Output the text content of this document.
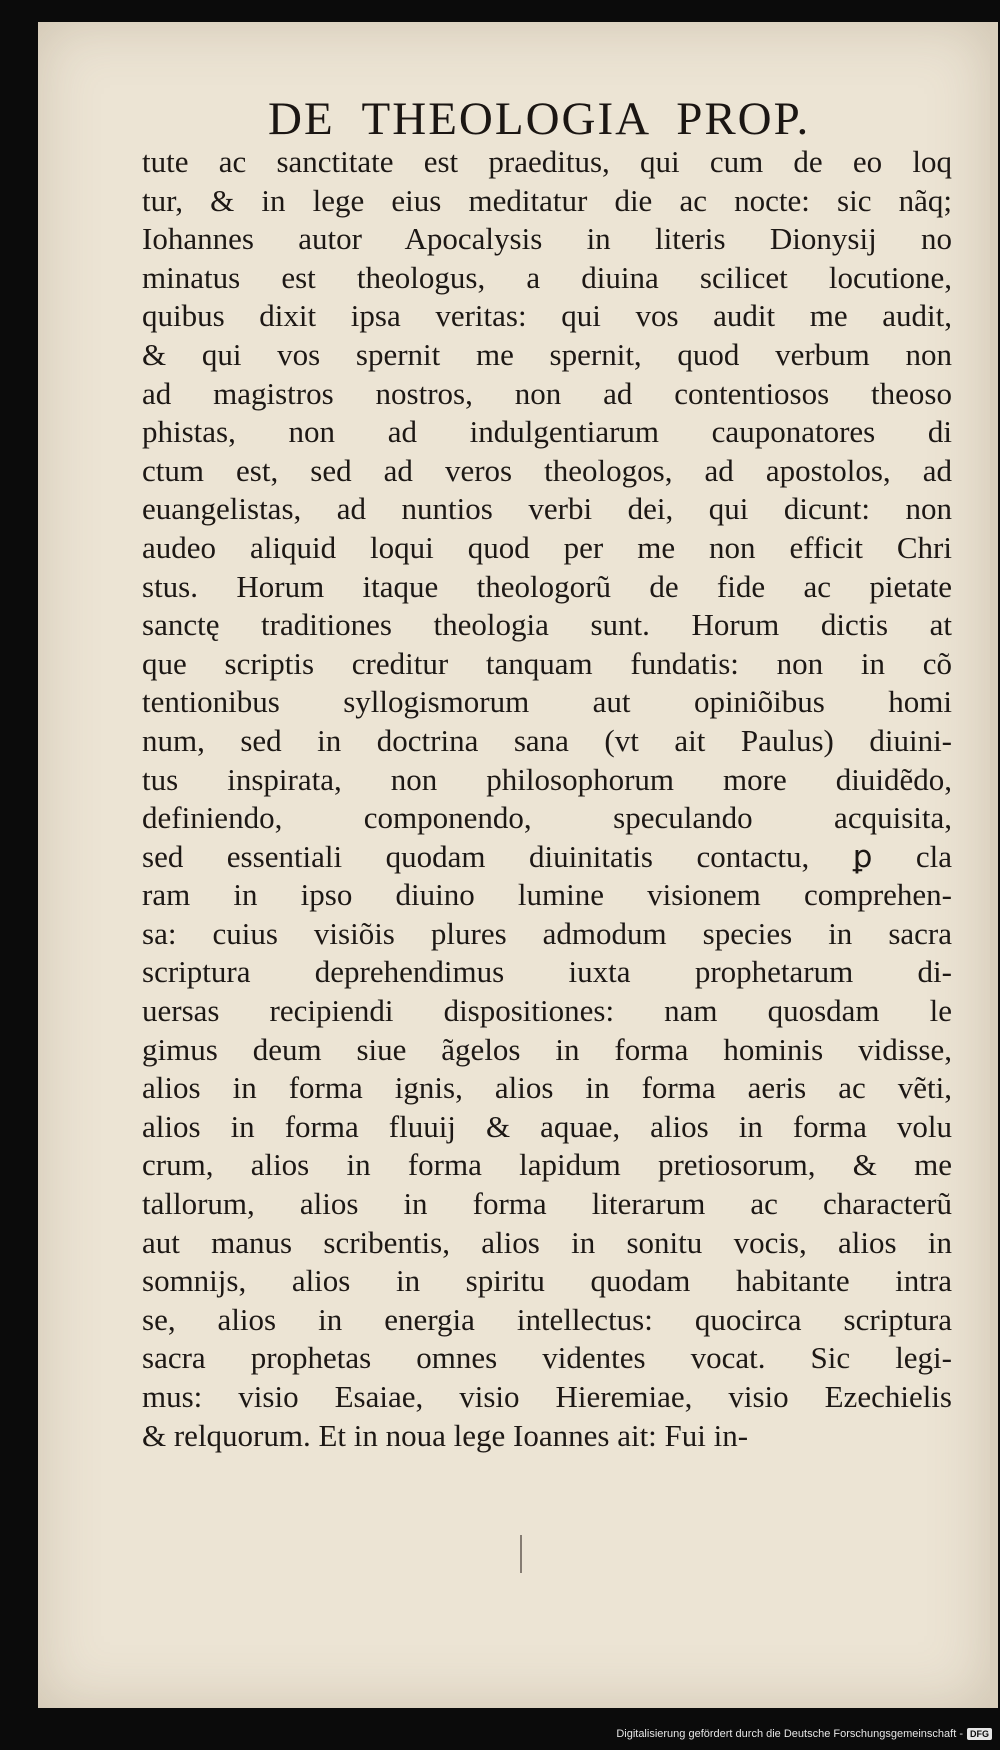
DE THEOLOGIA PROP.
tute ac sanctitate est praeditus, qui cum de eo loq
tur, & in lege eius meditatur die ac nocte: sic nãq;
Iohannes autor Apocalysis in literis Dionysij no
minatus est theologus, a diuina scilicet locutione,
quibus dixit ipsa veritas: qui vos audit me audit,
& qui vos spernit me spernit, quod verbum non
ad magistros nostros, non ad contentiosos theoso
phistas, non ad indulgentiarum cauponatores di
ctum est, sed ad veros theologos, ad apostolos, ad
euangelistas, ad nuntios verbi dei, qui dicunt: non
audeo aliquid loqui quod per me non efficit Chri
stus. Horum itaque theologorũ de fide ac pietate
sanctę traditiones theologia sunt. Horum dictis at
que scriptis creditur tanquam fundatis: non in cõ
tentionibus syllogismorum aut opiniõibus homi
num, sed in doctrina sana (vt ait Paulus) diuini-
tus inspirata, non philosophorum more diuidẽdo,
definiendo, componendo, speculando acquisita,
sed essentiali quodam diuinitatis contactu, ꝑ cla
ram in ipso diuino lumine visionem comprehen-
sa: cuius visiõis plures admodum species in sacra
scriptura deprehendimus iuxta prophetarum di-
uersas recipiendi dispositiones: nam quosdam le
gimus deum siue ãgelos in forma hominis vidisse,
alios in forma ignis, alios in forma aeris ac vẽti,
alios in forma fluuij & aquae, alios in forma volu
crum, alios in forma lapidum pretiosorum, & me
tallorum, alios in forma literarum ac characterũ
aut manus scribentis, alios in sonitu vocis, alios in
somnijs, alios in spiritu quodam habitante intra
se, alios in energia intellectus: quocirca scriptura
sacra prophetas omnes videntes vocat. Sic legi-
mus: visio Esaiae, visio Hieremiae, visio Ezechielis
& relquorum. Et in noua lege Ioannes ait: Fui in-
Digitalisierung gefördert durch die Deutsche Forschungsgemeinschaft - DFG
